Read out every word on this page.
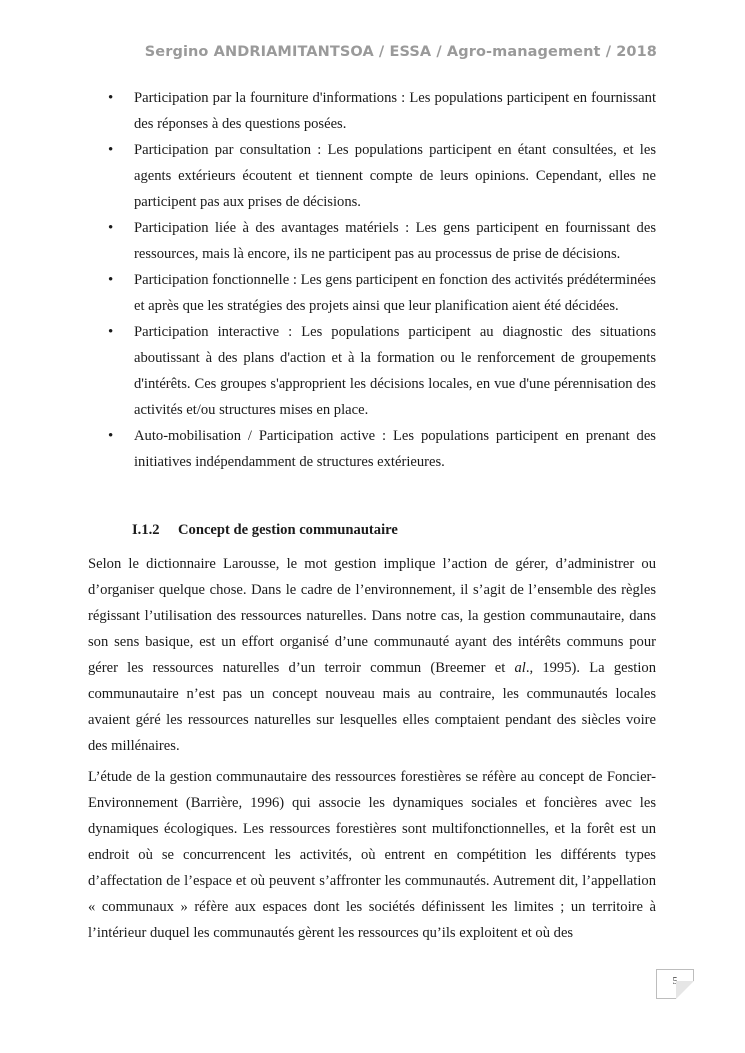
Sergino ANDRIAMITANTSOA / ESSA / Agro-management / 2018
• Participation par la fourniture d'informations : Les populations participent en fournissant des réponses à des questions posées.
• Participation par consultation : Les populations participent en étant consultées, et les agents extérieurs écoutent et tiennent compte de leurs opinions. Cependant, elles ne participent pas aux prises de décisions.
• Participation liée à des avantages matériels : Les gens participent en fournissant des ressources, mais là encore, ils ne participent pas au processus de prise de décisions.
• Participation fonctionnelle : Les gens participent en fonction des activités prédéterminées et après que les stratégies des projets ainsi que leur planification aient été décidées.
• Participation interactive : Les populations participent au diagnostic des situations aboutissant à des plans d'action et à la formation ou le renforcement de groupements d'intérêts. Ces groupes s'approprient les décisions locales, en vue d'une pérennisation des activités et/ou structures mises en place.
• Auto-mobilisation / Participation active : Les populations participent en prenant des initiatives indépendamment de structures extérieures.
I.1.2 Concept de gestion communautaire

Selon le dictionnaire Larousse, le mot gestion implique l’action de gérer, d’administrer ou d’organiser quelque chose. Dans le cadre de l’environnement, il s’agit de l’ensemble des règles régissant l’utilisation des ressources naturelles. Dans notre cas, la gestion communautaire, dans son sens basique, est un effort organisé d’une communauté ayant des intérêts communs pour gérer les ressources naturelles d’un terroir commun (Breemer et al., 1995). La gestion communautaire n’est pas un concept nouveau mais au contraire, les communautés locales avaient géré les ressources naturelles sur lesquelles elles comptaient pendant des siècles voire des millénaires.

L’étude de la gestion communautaire des ressources forestières se réfère au concept de Foncier-Environnement (Barrière, 1996) qui associe les dynamiques sociales et foncières avec les dynamiques écologiques. Les ressources forestières sont multifonctionnelles, et la forêt est un endroit où se concurrencent les activités, où entrent en compétition les différents types d’affectation de l’espace et où peuvent s’affronter les communautés. Autrement dit, l’appellation « communaux » réfère aux espaces dont les sociétés définissent les limites ; un territoire à l’intérieur duquel les communautés gèrent les ressources qu’ils exploitent et où des

5
